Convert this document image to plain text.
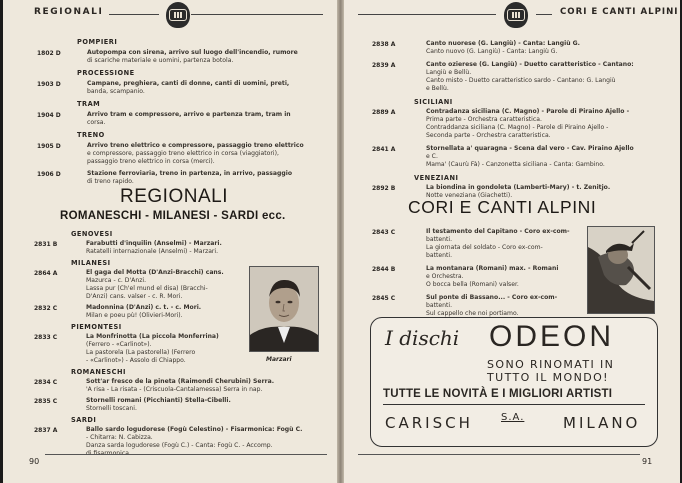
REGIONALI
POMPIERI
1802 D	Autopompa con sirena, arrivo sul luogo dell'incendio, rumore
di scariche materiale e uomini, partenza botola.
PROCESSIONE
1903 D	Campane, preghiera, canti di donne, canti di uomini, preti,
banda, scampanio.
TRAM
1904 D	Arrivo tram e compressore, arrivo e partenza tram, tram in
corsa.
TRENO
1905 D	Arrivo treno elettrico e compressore, passaggio treno elettrico
e compressore, passaggio treno elettrico in corsa (viaggiatori),
passaggio treno elettrico in corsa (merci).
1906 D	Stazione ferroviaria, treno in partenza, in arrivo, passaggio
di treno rapido.
REGIONALI
ROMANESCHI - MILANESI - SARDI ecc.
Marzari
GENOVESI
2831 B	Farabutti d'inquilin (Anselmi) - Marzari.
Ratatelli internazionale (Anselmi) - Marzari.
MILANESI
2864 A	El gaga del Motta (D'Anzi-Bracchi) cans.
Mazurca - c. D'Anzi.
Lassa pur (Ch'el mund el disa) (Bracchi-
D'Anzi) cans. valser - c. R. Mori.
2832 C	Madonnina (D'Anzi) c. t. - c. Mori.
Milan e poeu pù! (Olivieri-Mori).
PIEMONTESI
2833 C	La Monfrinotta (La piccola Monferrina)
(Ferrero - «Carlinot»).
La pastorela (La pastorella) (Ferrero
- «Carlinot») - Assolo di Chiappo.
ROMANESCHI
2834 C	Sott'ar fresco de la pineta (Raimondi Cherubini) Serra.
'A risa - La risata - (Criscuola-Cantalamessa) Serra in nap.
2835 C	Stornelli romani (Picchianti) Stella-Cibelli.
Stornelli toscani.
SARDI
2837 A	Ballo sardo logudorese (Fogù Celestino) - Fisarmonica: Fogù C.
- Chitarra: N. Cabizza.
Danza sarda logudorese (Fogù C.) - Canta: Fogù C. - Accomp.
90
CORI E CANTI ALPINI
2838 A	Canto nuorese (G. Langiù) - Canta: Langiù G.
Canto nuovo (G. Langiù) - Canta: Langiù G.
2839 A	Canto ozierese (G. Langiù) - Duetto caratteristico - Cantano:
Langiù e Bellù.
Canto misto - Duetto caratteristico sardo - Cantano: G. Langiù
e Bellù.
SICILIANI
2889 A	Contradanza siciliana (C. Magno) - Parole di Piraino Ajello -
Prima parte - Orchestra caratteristica.
Contraddanza siciliana (C. Magno) - Parole di Piraino Ajello -
Seconda parte - Orchestra caratteristica.
2841 A	Stornellata a' quaragna - Scena dal vero - Cav. Piraino Ajello
e C.
Mama' (Caurù Fà) - Canzonetta siciliana - Canta: Gambino.
VENEZIANI
2892 B	La biondina in gondoleta (Lamberti-Mary) - t. Zenitjo.
Notte veneziana (Giachetti).
CORI E CANTI ALPINI
2843 C	Il testamento del Capitano - Coro ex-com-
battenti.
La giornata del soldato - Coro ex-com-
battenti.
2844 B	La montanara (Romani) max. - Romani
e Orchestra.
O bocca bella (Romani) valser.
2845 C	Sul ponte di Bassano... - Coro ex-com-
battenti.
Sul cappello che noi portiamo.
91
I dischi ODEON
SONO RINOMATI IN
TUTTO IL MONDO!
TUTTE LE NOVITÀ E I MIGLIORI ARTISTI
CARISCH	S.A.	MILANO
